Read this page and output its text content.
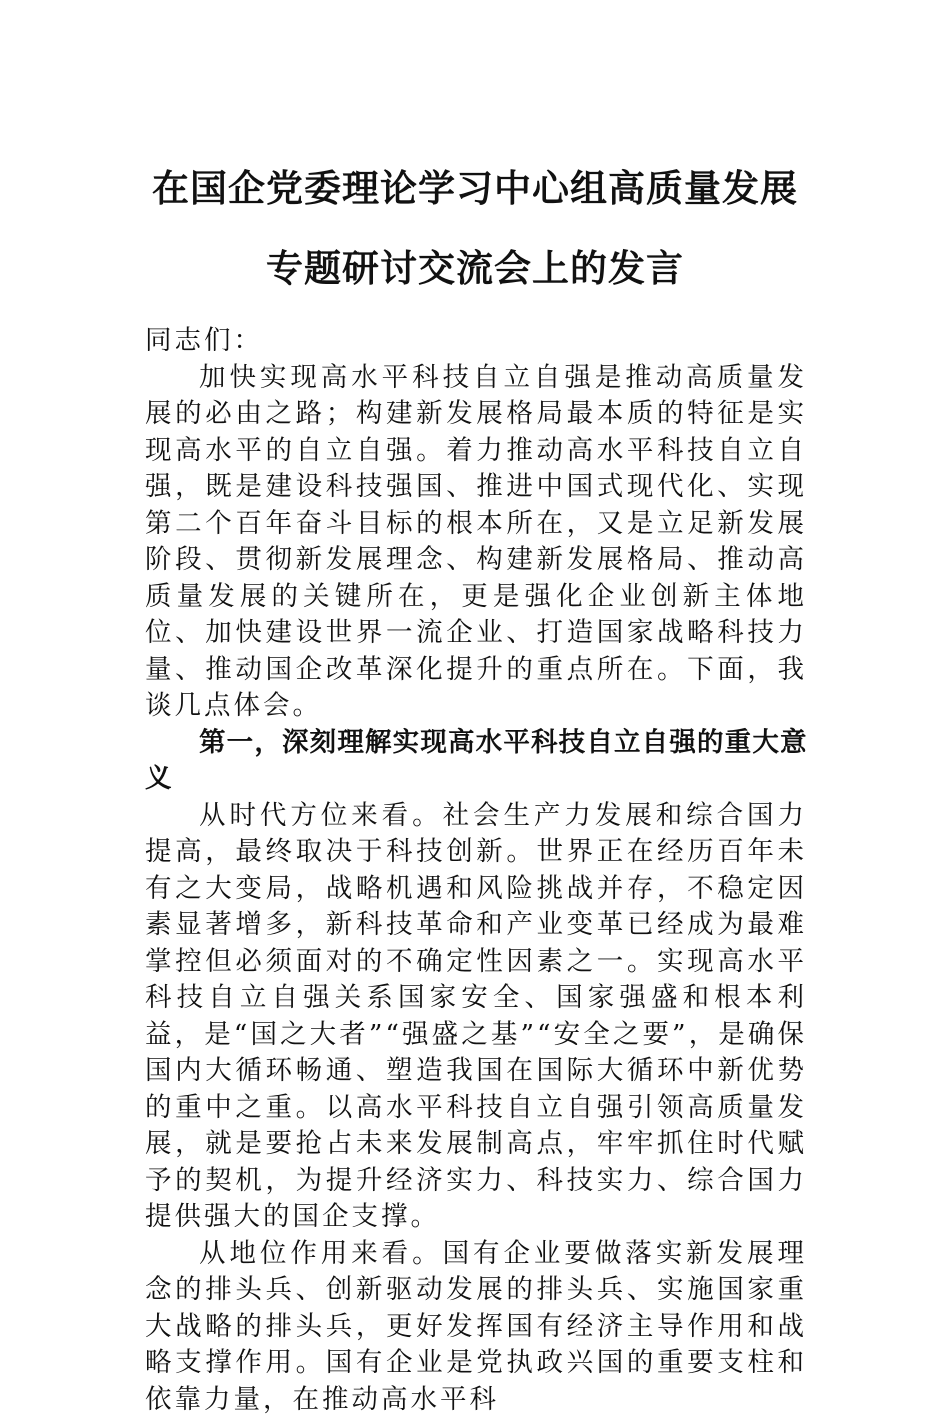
在国企党委理论学习中心组高质量发展专题研讨交流会上的发言

同志们：

加快实现高水平科技自立自强是推动高质量发展的必由之路；构建新发展格局最本质的特征是实现高水平的自立自强。着力推动高水平科技自立自强，既是建设科技强国、推进中国式现代化、实现第二个百年奋斗目标的根本所在，又是立足新发展阶段、贯彻新发展理念、构建新发展格局、推动高质量发展的关键所在，更是强化企业创新主体地位、加快建设世界一流企业、打造国家战略科技力量、推动国企改革深化提升的重点所在。下面，我谈几点体会。

第一，深刻理解实现高水平科技自立自强的重大意义

从时代方位来看。社会生产力发展和综合国力提高，最终取决于科技创新。世界正在经历百年未有之大变局，战略机遇和风险挑战并存，不稳定因素显著增多，新科技革命和产业变革已经成为最难掌控但必须面对的不确定性因素之一。实现高水平科技自立自强关系国家安全、国家强盛和根本利益，是“国之大者”“强盛之基”“安全之要”，是确保国内大循环畅通、塑造我国在国际大循环中新优势的重中之重。以高水平科技自立自强引领高质量发展，就是要抢占未来发展制高点，牢牢抓住时代赋予的契机，为提升经济实力、科技实力、综合国力提供强大的国企支撑。

从地位作用来看。国有企业要做落实新发展理念的排头兵、创新驱动发展的排头兵、实施国家重大战略的排头兵，更好发挥国有经济主导作用和战略支撑作用。国有企业是党执政兴国的重要支柱和依靠力量，在推动高水平科
